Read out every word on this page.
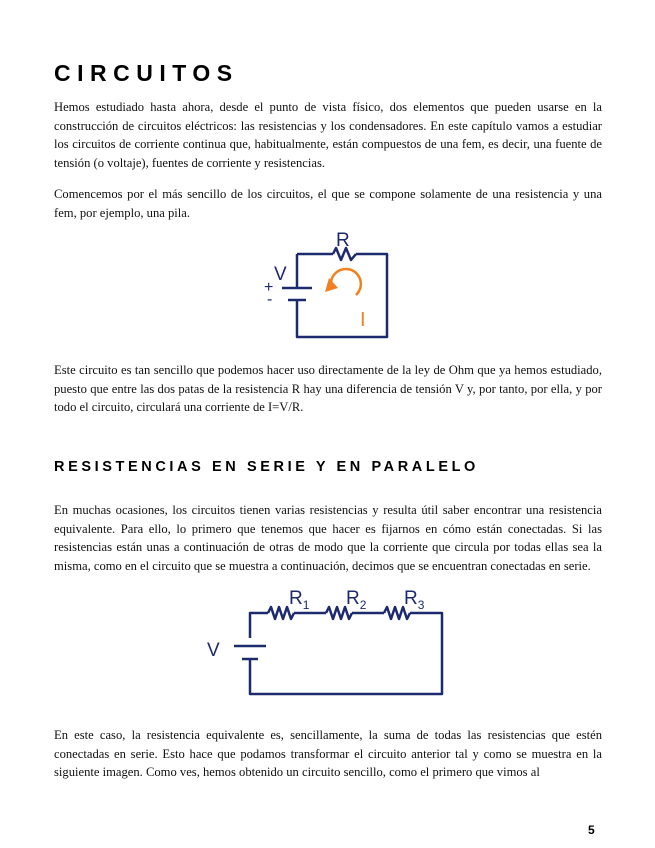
CIRCUITOS

Hemos estudiado hasta ahora, desde el punto de vista físico, dos elementos que pueden usarse en la construcción de circuitos eléctricos: las resistencias y los condensadores. En este capítulo vamos a estudiar los circuitos de corriente continua que, habitualmente, están compuestos de una fem, es decir, una fuente de tensión (o voltaje), fuentes de corriente y resistencias.

Comencemos por el más sencillo de los circuitos, el que se compone solamente de una resistencia y una fem, por ejemplo, una pila.

R
V
+
-
I

Este circuito es tan sencillo que podemos hacer uso directamente de la ley de Ohm que ya hemos estudiado, puesto que entre las dos patas de la resistencia R hay una diferencia de tensión V y, por tanto, por ella, y por todo el circuito, circulará una corriente de I=V/R.

RESISTENCIAS EN SERIE Y EN PARALELO

En muchas ocasiones, los circuitos tienen varias resistencias y resulta útil saber encontrar una resistencia equivalente. Para ello, lo primero que tenemos que hacer es fijarnos en cómo están conectadas. Si las resistencias están unas a continuación de otras de modo que la corriente que circula por todas ellas sea la misma, como en el circuito que se muestra a continuación, decimos que se encuentran conectadas en serie.

V
$R_1$ $R_2$ $R_3$

En este caso, la resistencia equivalente es, sencillamente, la suma de todas las resistencias que estén conectadas en serie. Esto hace que podamos transformar el circuito anterior tal y como se muestra en la siguiente imagen. Como ves, hemos obtenido un circuito sencillo, como el primero que vimos al

5
